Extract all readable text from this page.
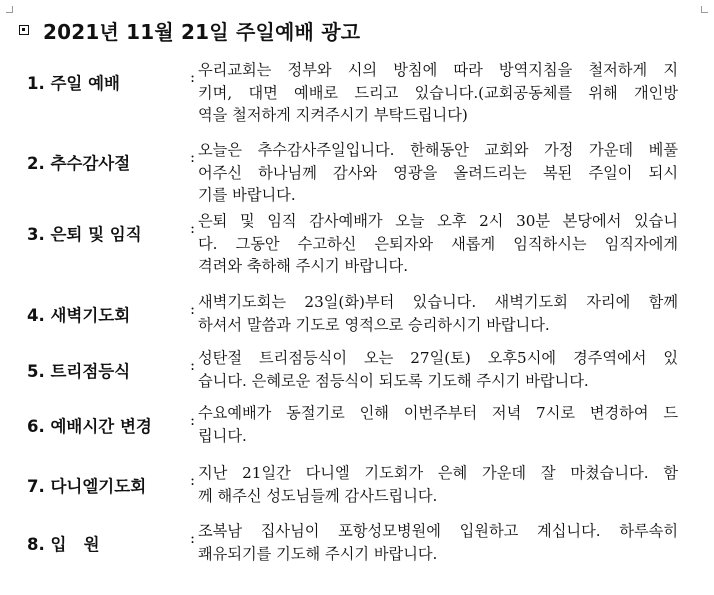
2021년 11월 21일 주일예배 광고
1. 주일 예배	: 우리교회는 정부와 시의 방침에 따라 방역지침을 철저하게 지
키며, 대면 예배로 드리고 있습니다.(교회공동체를 위해 개인방
역을 철저하게 지켜주시기 부탁드립니다)
2. 추수감사절	: 오늘은 추수감사주일입니다. 한해동안 교회와 가정 가운데 베풀
어주신 하나님께 감사와 영광을 올려드리는 복된 주일이 되시
기를 바랍니다.
3. 은퇴 및 임직	: 은퇴 및 임직 감사예배가 오늘 오후 2시 30분 본당에서 있습니
다. 그동안 수고하신 은퇴자와 새롭게 임직하시는 임직자에게
격려와 축하해 주시기 바랍니다.
4. 새벽기도회	: 새벽기도회는 23일(화)부터 있습니다. 새벽기도회 자리에 함께
하셔서 말씀과 기도로 영적으로 승리하시기 바랍니다.
5. 트리점등식	: 성탄절 트리점등식이 오는 27일(토) 오후5시에 경주역에서 있
습니다. 은혜로운 점등식이 되도록 기도해 주시기 바랍니다.
6. 예배시간 변경	: 수요예배가 동절기로 인해 이번주부터 저녁 7시로 변경하여 드
립니다.
7. 다니엘기도회	: 지난 21일간 다니엘 기도회가 은혜 가운데 잘 마쳤습니다. 함
께 해주신 성도님들께 감사드립니다.
8. 입   원	: 조복남 집사님이 포항성모병원에 입원하고 계십니다. 하루속히
쾌유되기를 기도해 주시기 바랍니다.
